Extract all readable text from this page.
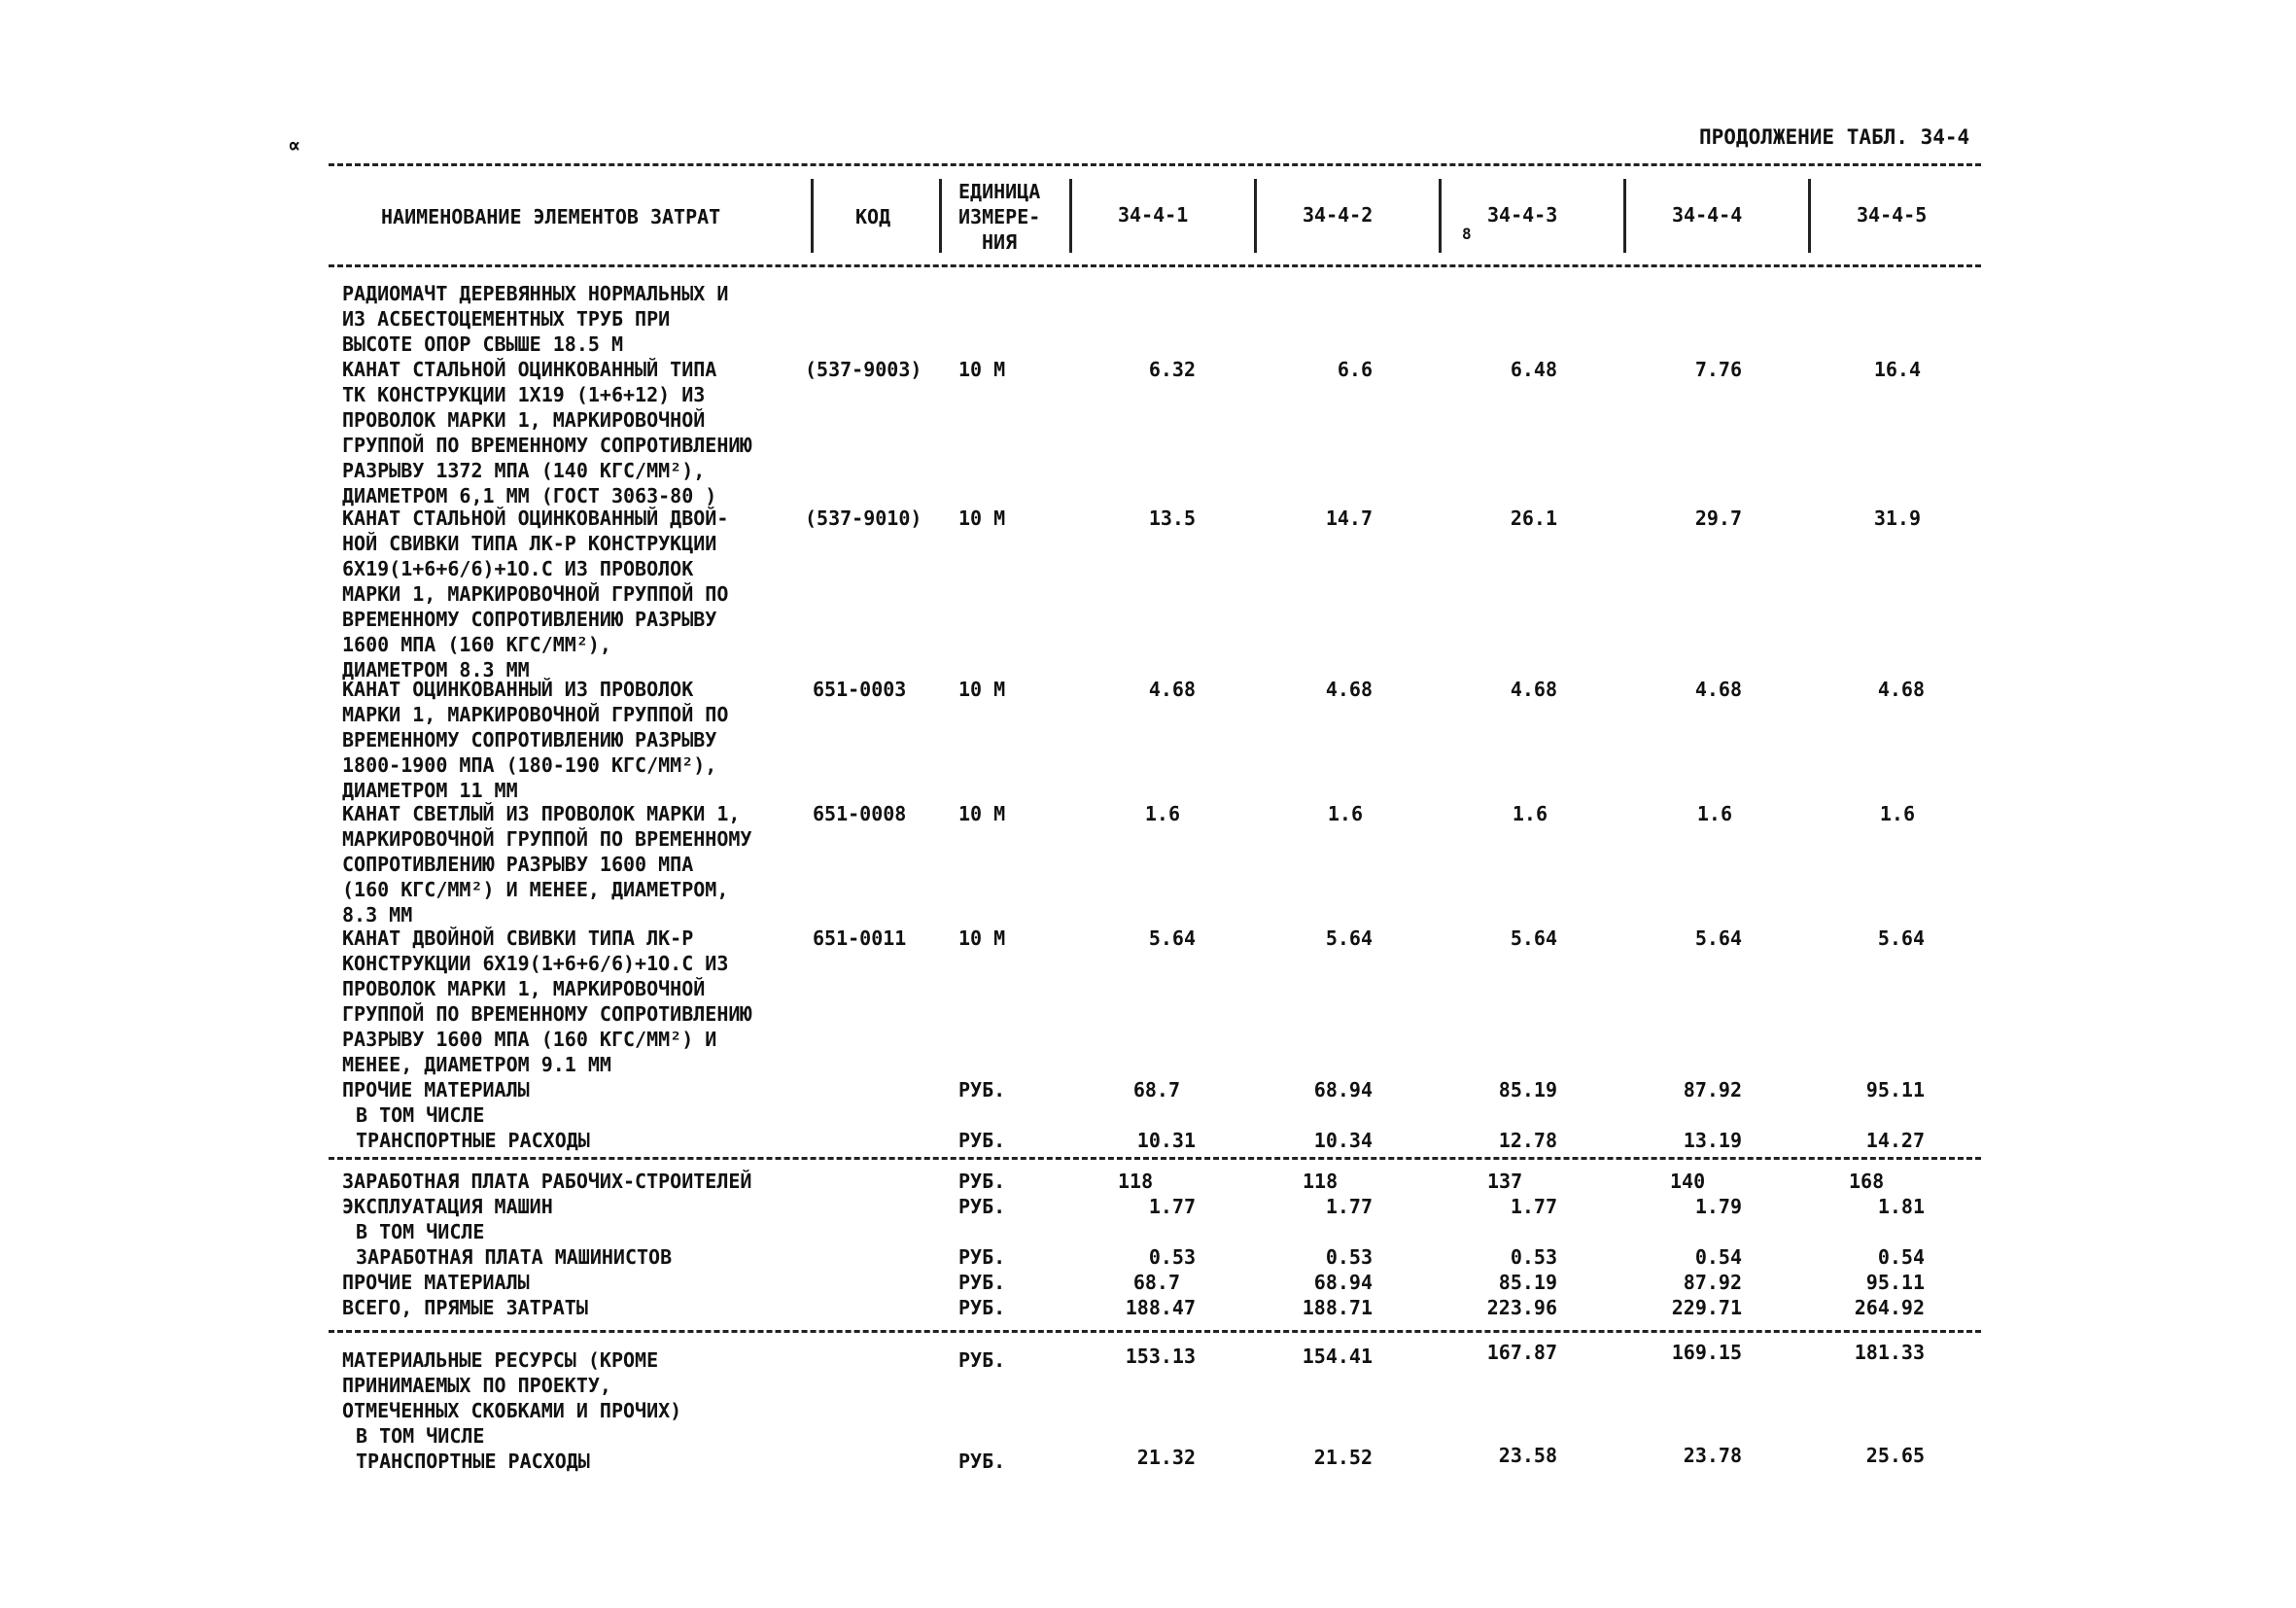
∝	ПРОДОЛЖЕНИЕ ТАБЛ. 34-4
НАИМЕНОВАНИЕ ЭЛЕМЕНТОВ ЗАТРАТ	КОД
ЕДИНИЦА
ИЗМЕРЕ-
НИЯ
34-4-1	34-4-2	34-4-3	34-4-4	34-4-5
8
РАДИОМАЧТ ДЕРЕВЯННЫХ НОРМАЛЬНЫХ И
ИЗ АСБЕСТОЦЕМЕНТНЫХ ТРУБ ПРИ
ВЫСОТЕ ОПОР СВЫШЕ 18.5 М
КАНАТ СТАЛЬНОЙ ОЦИНКОВАННЫЙ ТИПА
ТК КОНСТРУКЦИИ 1Х19 (1+6+12) ИЗ
ПРОВОЛОК МАРКИ 1, МАРКИРОВОЧНОЙ
ГРУППОЙ ПО ВРЕМЕННОМУ СОПРОТИВЛЕНИЮ
РАЗРЫВУ 1372 МПА (140 КГС/ММ²),
ДИАМЕТРОМ 6,1 ММ (ГОСТ 3063-80 )
(537-9003) 10 М	6.32	6.6	6.48	7.76	16.4
КАНАТ СТАЛЬНОЙ ОЦИНКОВАННЫЙ ДВОЙ-
НОЙ СВИВКИ ТИПА ЛК-Р КОНСТРУКЦИИ
6Х19(1+6+6/6)+1О.С ИЗ ПРОВОЛОК
МАРКИ 1, МАРКИРОВОЧНОЙ ГРУППОЙ ПО
ВРЕМЕННОМУ СОПРОТИВЛЕНИЮ РАЗРЫВУ
1600 МПА (160 КГС/ММ²),
ДИАМЕТРОМ 8.3 ММ
(537-9010) 10 М	13.5	14.7	26.1	29.7	31.9
КАНАТ ОЦИНКОВАННЫЙ ИЗ ПРОВОЛОК
МАРКИ 1, МАРКИРОВОЧНОЙ ГРУППОЙ ПО
ВРЕМЕННОМУ СОПРОТИВЛЕНИЮ РАЗРЫВУ
1800-1900 МПА (180-190 КГС/ММ²),
ДИАМЕТРОМ 11 ММ
651-0003	10 М	4.68	4.68	4.68	4.68	4.68
КАНАТ СВЕТЛЫЙ ИЗ ПРОВОЛОК МАРКИ 1,
МАРКИРОВОЧНОЙ ГРУППОЙ ПО ВРЕМЕННОМУ
СОПРОТИВЛЕНИЮ РАЗРЫВУ 1600 МПА
(160 КГС/ММ²) И МЕНЕЕ, ДИАМЕТРОМ,
8.3 ММ
651-0008	10 М	1.6	1.6	1.6	1.6	1.6
КАНАТ ДВОЙНОЙ СВИВКИ ТИПА ЛК-Р
КОНСТРУКЦИИ 6Х19(1+6+6/6)+1О.С ИЗ
ПРОВОЛОК МАРКИ 1, МАРКИРОВОЧНОЙ
ГРУППОЙ ПО ВРЕМЕННОМУ СОПРОТИВЛЕНИЮ
РАЗРЫВУ 1600 МПА (160 КГС/ММ²) И
МЕНЕЕ, ДИАМЕТРОМ 9.1 ММ
651-0011	10 М	5.64	5.64	5.64	5.64	5.64
ПРОЧИЕ МАТЕРИАЛЫ	РУБ.	68.7	68.94	85.19	87.92	95.11
В ТОМ ЧИСЛЕ
ТРАНСПОРТНЫЕ РАСХОДЫ	РУБ.	10.31	10.34	12.78	13.19	14.27
ЗАРАБОТНАЯ ПЛАТА РАБОЧИХ-СТРОИТЕЛЕЙ	РУБ.	118	118	137	140	168
ЭКСПЛУАТАЦИЯ МАШИН	РУБ.	1.77	1.77	1.77	1.79	1.81
В ТОМ ЧИСЛЕ
ЗАРАБОТНАЯ ПЛАТА МАШИНИСТОВ	РУБ.	0.53	0.53	0.53	0.54	0.54
ПРОЧИЕ МАТЕРИАЛЫ	РУБ.	68.7	68.94	85.19	87.92	95.11
ВСЕГО, ПРЯМЫЕ ЗАТРАТЫ	РУБ.	188.47	188.71	223.96	229.71	264.92
МАТЕРИАЛЬНЫЕ РЕСУРСЫ (КРОМЕ
ПРИНИМАЕМЫХ ПО ПРОЕКТУ,
ОТМЕЧЕННЫХ СКОБКАМИ И ПРОЧИХ)
РУБ.	153.13	154.41	167.87	169.15	181.33
В ТОМ ЧИСЛЕ
ТРАНСПОРТНЫЕ РАСХОДЫ	РУБ.	21.32	21.52	23.58	23.78	25.65
